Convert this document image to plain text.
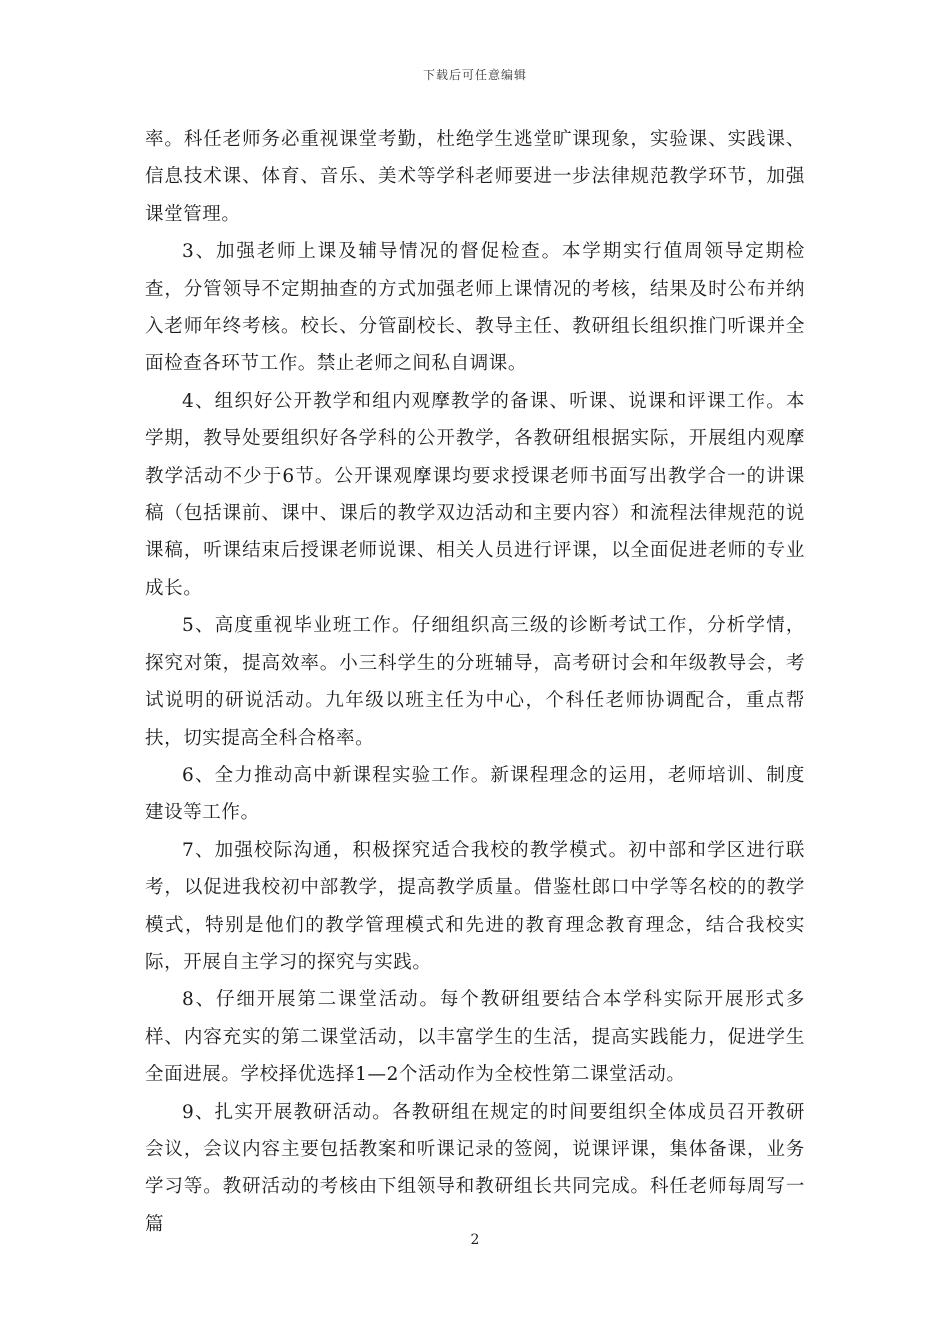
下载后可任意编辑

率。科任老师务必重视课堂考勤，杜绝学生逃堂旷课现象，实验课、实践课、信息技术课、体育、音乐、美术等学科老师要进一步法律规范教学环节，加强课堂管理。

3、加强老师上课及辅导情况的督促检查。本学期实行值周领导定期检查，分管领导不定期抽查的方式加强老师上课情况的考核，结果及时公布并纳入老师年终考核。校长、分管副校长、教导主任、教研组长组织推门听课并全面检查各环节工作。禁止老师之间私自调课。

4、组织好公开教学和组内观摩教学的备课、听课、说课和评课工作。本学期，教导处要组织好各学科的公开教学，各教研组根据实际，开展组内观摩教学活动不少于6节。公开课观摩课均要求授课老师书面写出教学合一的讲课稿（包括课前、课中、课后的教学双边活动和主要内容）和流程法律规范的说课稿，听课结束后授课老师说课、相关人员进行评课，以全面促进老师的专业成长。

5、高度重视毕业班工作。仔细组织高三级的诊断考试工作，分析学情，探究对策，提高效率。小三科学生的分班辅导，高考研讨会和年级教导会，考试说明的研说活动。九年级以班主任为中心，个科任老师协调配合，重点帮扶，切实提高全科合格率。

6、全力推动高中新课程实验工作。新课程理念的运用，老师培训、制度建设等工作。

7、加强校际沟通，积极探究适合我校的教学模式。初中部和学区进行联考，以促进我校初中部教学，提高教学质量。借鉴杜郎口中学等名校的的教学模式，特别是他们的教学管理模式和先进的教育理念教育理念，结合我校实际，开展自主学习的探究与实践。

8、仔细开展第二课堂活动。每个教研组要结合本学科实际开展形式多样、内容充实的第二课堂活动，以丰富学生的生活，提高实践能力，促进学生全面进展。学校择优选择1—2个活动作为全校性第二课堂活动。

9、扎实开展教研活动。各教研组在规定的时间要组织全体成员召开教研会议，会议内容主要包括教案和听课记录的签阅，说课评课，集体备课，业务学习等。教研活动的考核由下组领导和教研组长共同完成。科任老师每周写一篇

2
